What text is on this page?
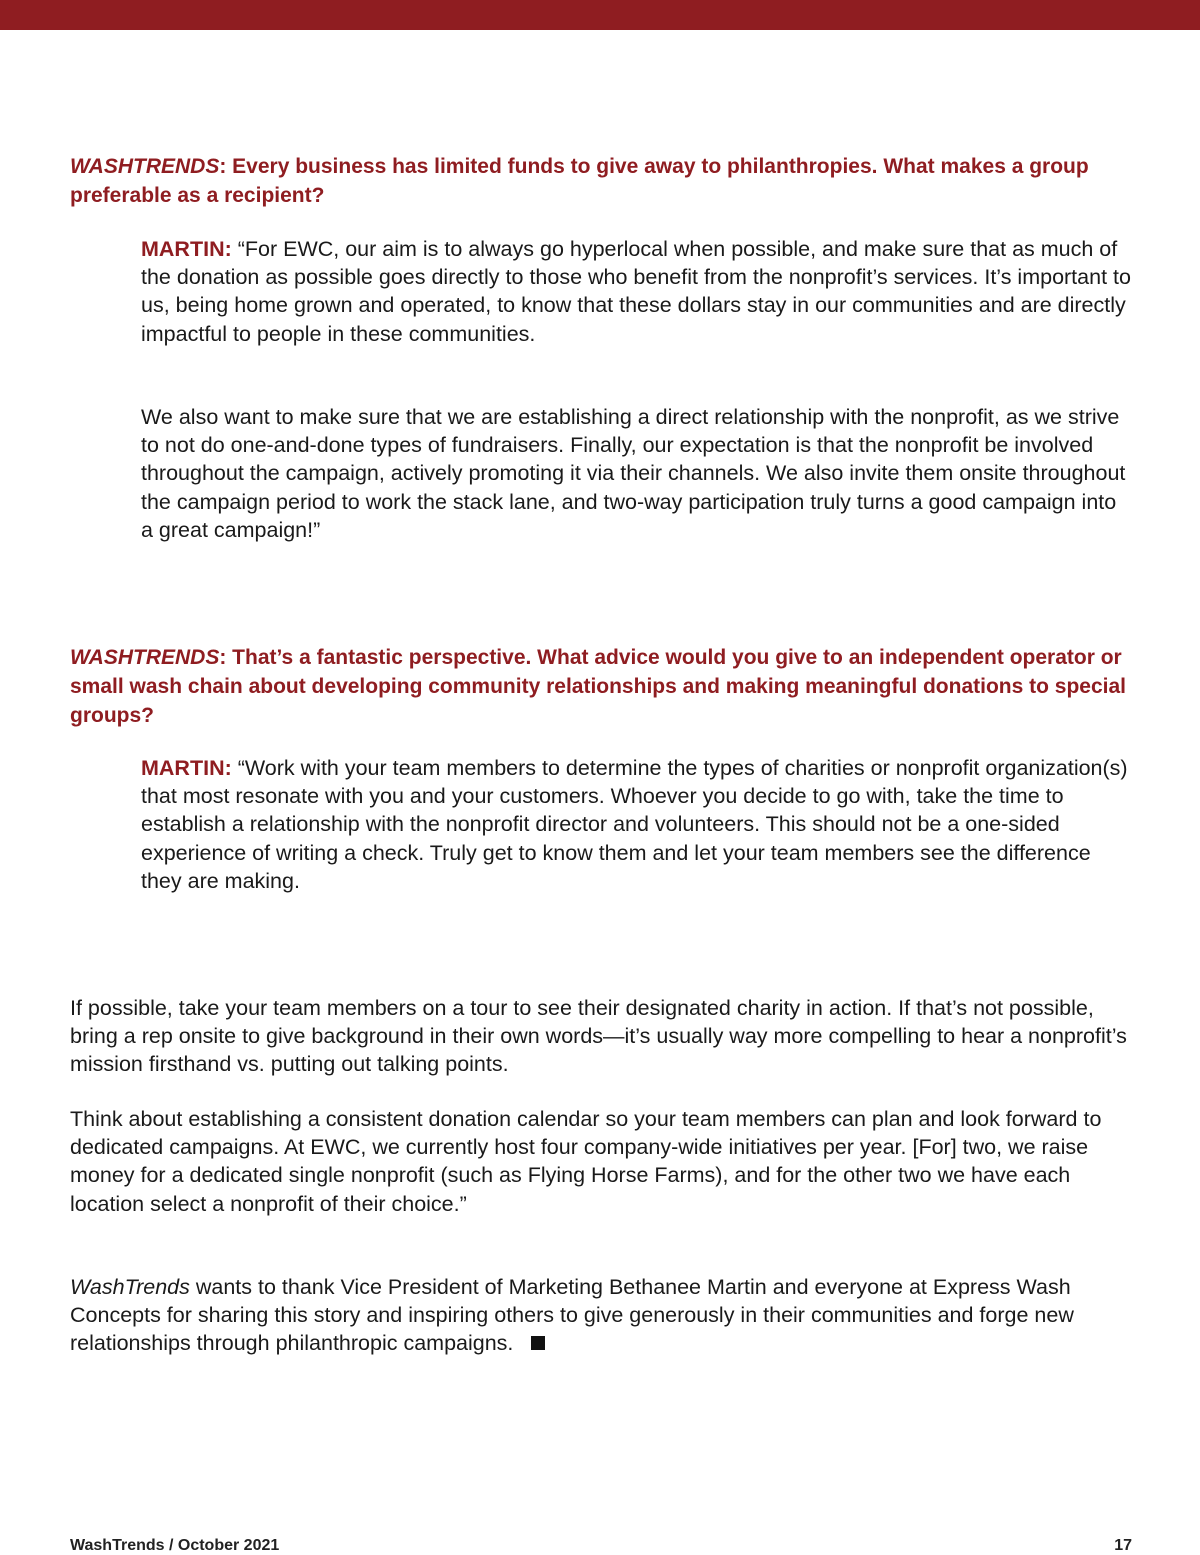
WASHTRENDS: Every business has limited funds to give away to philanthropies. What makes a group preferable as a recipient?

MARTIN: “For EWC, our aim is to always go hyperlocal when possible, and make sure that as much of the donation as possible goes directly to those who benefit from the nonprofit’s services. It’s important to us, being home grown and operated, to know that these dollars stay in our communities and are directly impactful to people in these communities.

We also want to make sure that we are establishing a direct relationship with the nonprofit, as we strive to not do one-and-done types of fundraisers. Finally, our expectation is that the nonprofit be involved throughout the campaign, actively promoting it via their channels. We also invite them onsite throughout the campaign period to work the stack lane, and two-way participation truly turns a good campaign into a great campaign!”

WASHTRENDS: That’s a fantastic perspective. What advice would you give to an independent operator or small wash chain about developing community relationships and making meaningful donations to special groups?

MARTIN: “Work with your team members to determine the types of charities or nonprofit organization(s) that most resonate with you and your customers. Whoever you decide to go with, take the time to establish a relationship with the nonprofit director and volunteers. This should not be a one-sided experience of writing a check. Truly get to know them and let your team members see the difference they are making.

If possible, take your team members on a tour to see their designated charity in action. If that’s not possible, bring a rep onsite to give background in their own words—it’s usually way more compelling to hear a nonprofit’s mission firsthand vs. putting out talking points.

Think about establishing a consistent donation calendar so your team members can plan and look forward to dedicated campaigns. At EWC, we currently host four company-wide initiatives per year. [For] two, we raise money for a dedicated single nonprofit (such as Flying Horse Farms), and for the other two we have each location select a nonprofit of their choice.”

WashTrends wants to thank Vice President of Marketing Bethanee Martin and everyone at Express Wash Concepts for sharing this story and inspiring others to give generously in their communities and forge new relationships through philanthropic campaigns.

WashTrends / October 2021	17
